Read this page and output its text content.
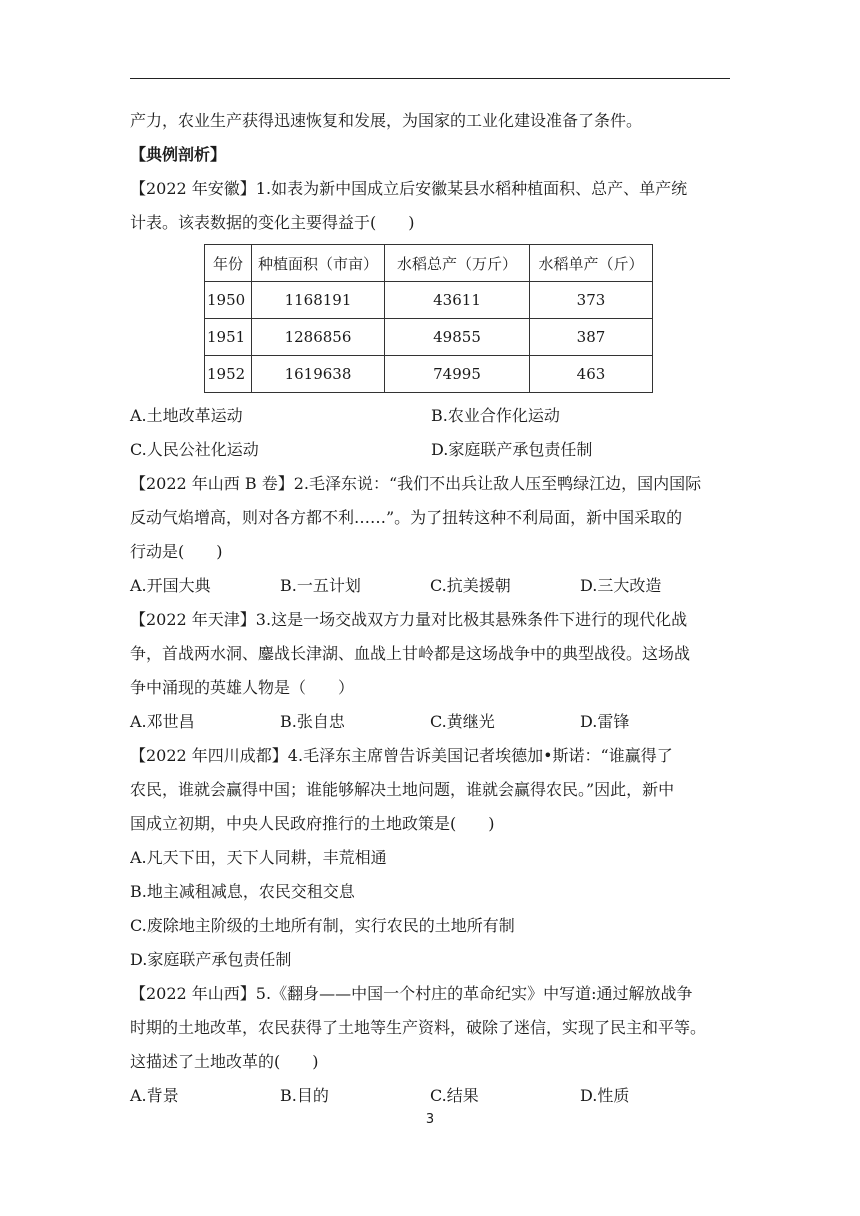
产力，农业生产获得迅速恢复和发展，为国家的工业化建设准备了条件。
【典例剖析】
【2022 年安徽】1.如表为新中国成立后安徽某县水稻种植面积、总产、单产统
计表。该表数据的变化主要得益于(　　)
年份	种植面积（市亩）	水稻总产（万斤）	水稻单产（斤）
1950	1168191	43611	373
1951	1286856	49855	387
1952	1619638	74995	463
A.土地改革运动	B.农业合作化运动
C.人民公社化运动	D.家庭联产承包责任制
【2022 年山西 B 卷】2.毛泽东说：“我们不出兵让敌人压至鸭绿江边，国内国际
反动气焰增高，则对各方都不利……”。为了扭转这种不利局面，新中国采取的
行动是(　　)
A.开国大典	B.一五计划	C.抗美援朝	D.三大改造
【2022 年天津】3.这是一场交战双方力量对比极其悬殊条件下进行的现代化战
争，首战两水洞、鏖战长津湖、血战上甘岭都是这场战争中的典型战役。这场战
争中涌现的英雄人物是（　　）
A.邓世昌	B.张自忠	C.黄继光	D.雷锋
【2022 年四川成都】4.毛泽东主席曾告诉美国记者埃德加•斯诺：“谁赢得了
农民，谁就会赢得中国；谁能够解决土地问题，谁就会赢得农民。”因此，新中
国成立初期，中央人民政府推行的土地政策是(　　)
A.凡天下田，天下人同耕，丰荒相通
B.地主减租减息，农民交租交息
C.废除地主阶级的土地所有制，实行农民的土地所有制
D.家庭联产承包责任制
【2022 年山西】5.《翻身——中国一个村庄的革命纪实》中写道:通过解放战争
时期的土地改革，农民获得了土地等生产资料，破除了迷信，实现了民主和平等。
这描述了土地改革的(　　)
A.背景	B.目的	C.结果	D.性质
3
